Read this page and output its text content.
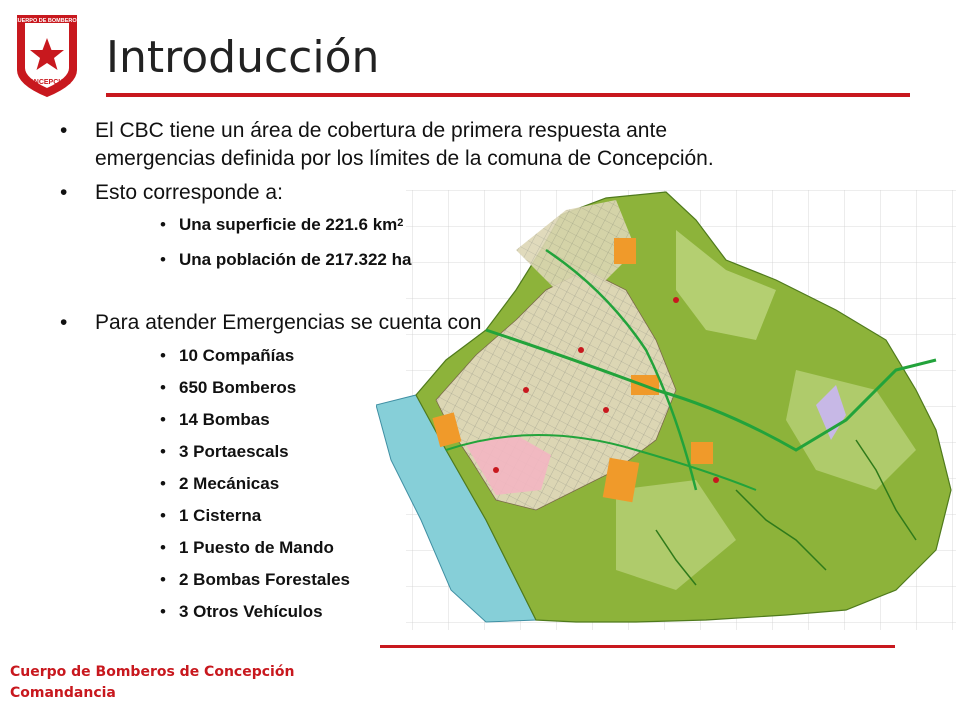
CUERPO DE BOMBEROS
CONCEPCION Introducción
• El CBC tiene un área de cobertura de primera respuesta ante
emergencias definida por los límites de la comuna de Concepción.
• Esto corresponde a:
• Una superficie de 221.6 $km^2$
• Una población de 217.322 ha
• Para atender Emergencias se cuenta con
• 10 Compañías
• 650 Bomberos
• 14 Bombas
• 3 Portaescals
• 2 Mecánicas
• 1 Cisterna
• 1 Puesto de Mando
• 2 Bombas Forestales
• 3 Otros Vehículos
Cuerpo de Bomberos de Concepción
Comandancia
